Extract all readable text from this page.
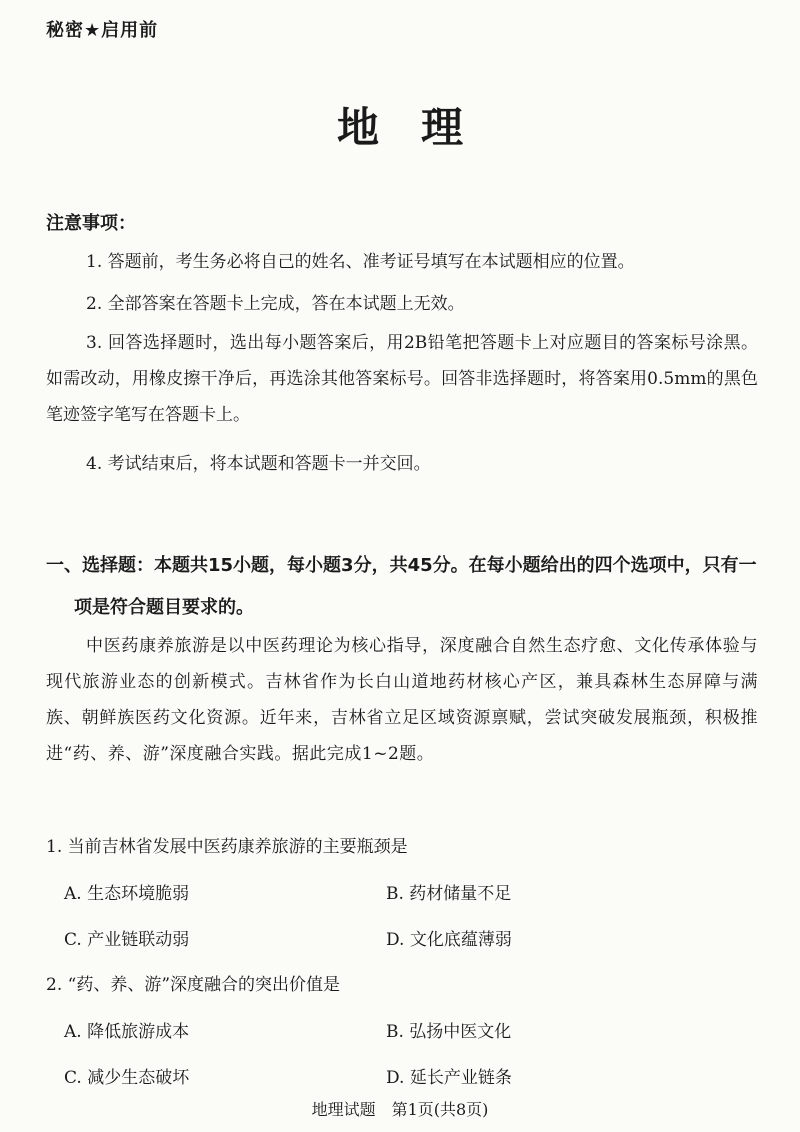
秘密★启用前
地理
注意事项：
1. 答题前，考生务必将自己的姓名、准考证号填写在本试题相应的位置。
2. 全部答案在答题卡上完成，答在本试题上无效。
3. 回答选择题时，选出每小题答案后，用2B铅笔把答题卡上对应题目的答案标号涂黑。如需改动，用橡皮擦干净后，再选涂其他答案标号。回答非选择题时，将答案用0.5mm的黑色笔迹签字笔写在答题卡上。
4. 考试结束后，将本试题和答题卡一并交回。
一、选择题：本题共15小题，每小题3分，共45分。在每小题给出的四个选项中，只有一
项是符合题目要求的。
中医药康养旅游是以中医药理论为核心指导，深度融合自然生态疗愈、文化传承体验与现代旅游业态的创新模式。吉林省作为长白山道地药材核心产区，兼具森林生态屏障与满族、朝鲜族医药文化资源。近年来，吉林省立足区域资源禀赋，尝试突破发展瓶颈，积极推进“药、养、游”深度融合实践。据此完成1~2题。
1. 当前吉林省发展中医药康养旅游的主要瓶颈是
A. 生态环境脆弱	B. 药材储量不足
C. 产业链联动弱	D. 文化底蕴薄弱
2. “药、养、游”深度融合的突出价值是
A. 降低旅游成本	B. 弘扬中医文化
C. 减少生态破坏	D. 延长产业链条
地理试题　第1页(共8页)
